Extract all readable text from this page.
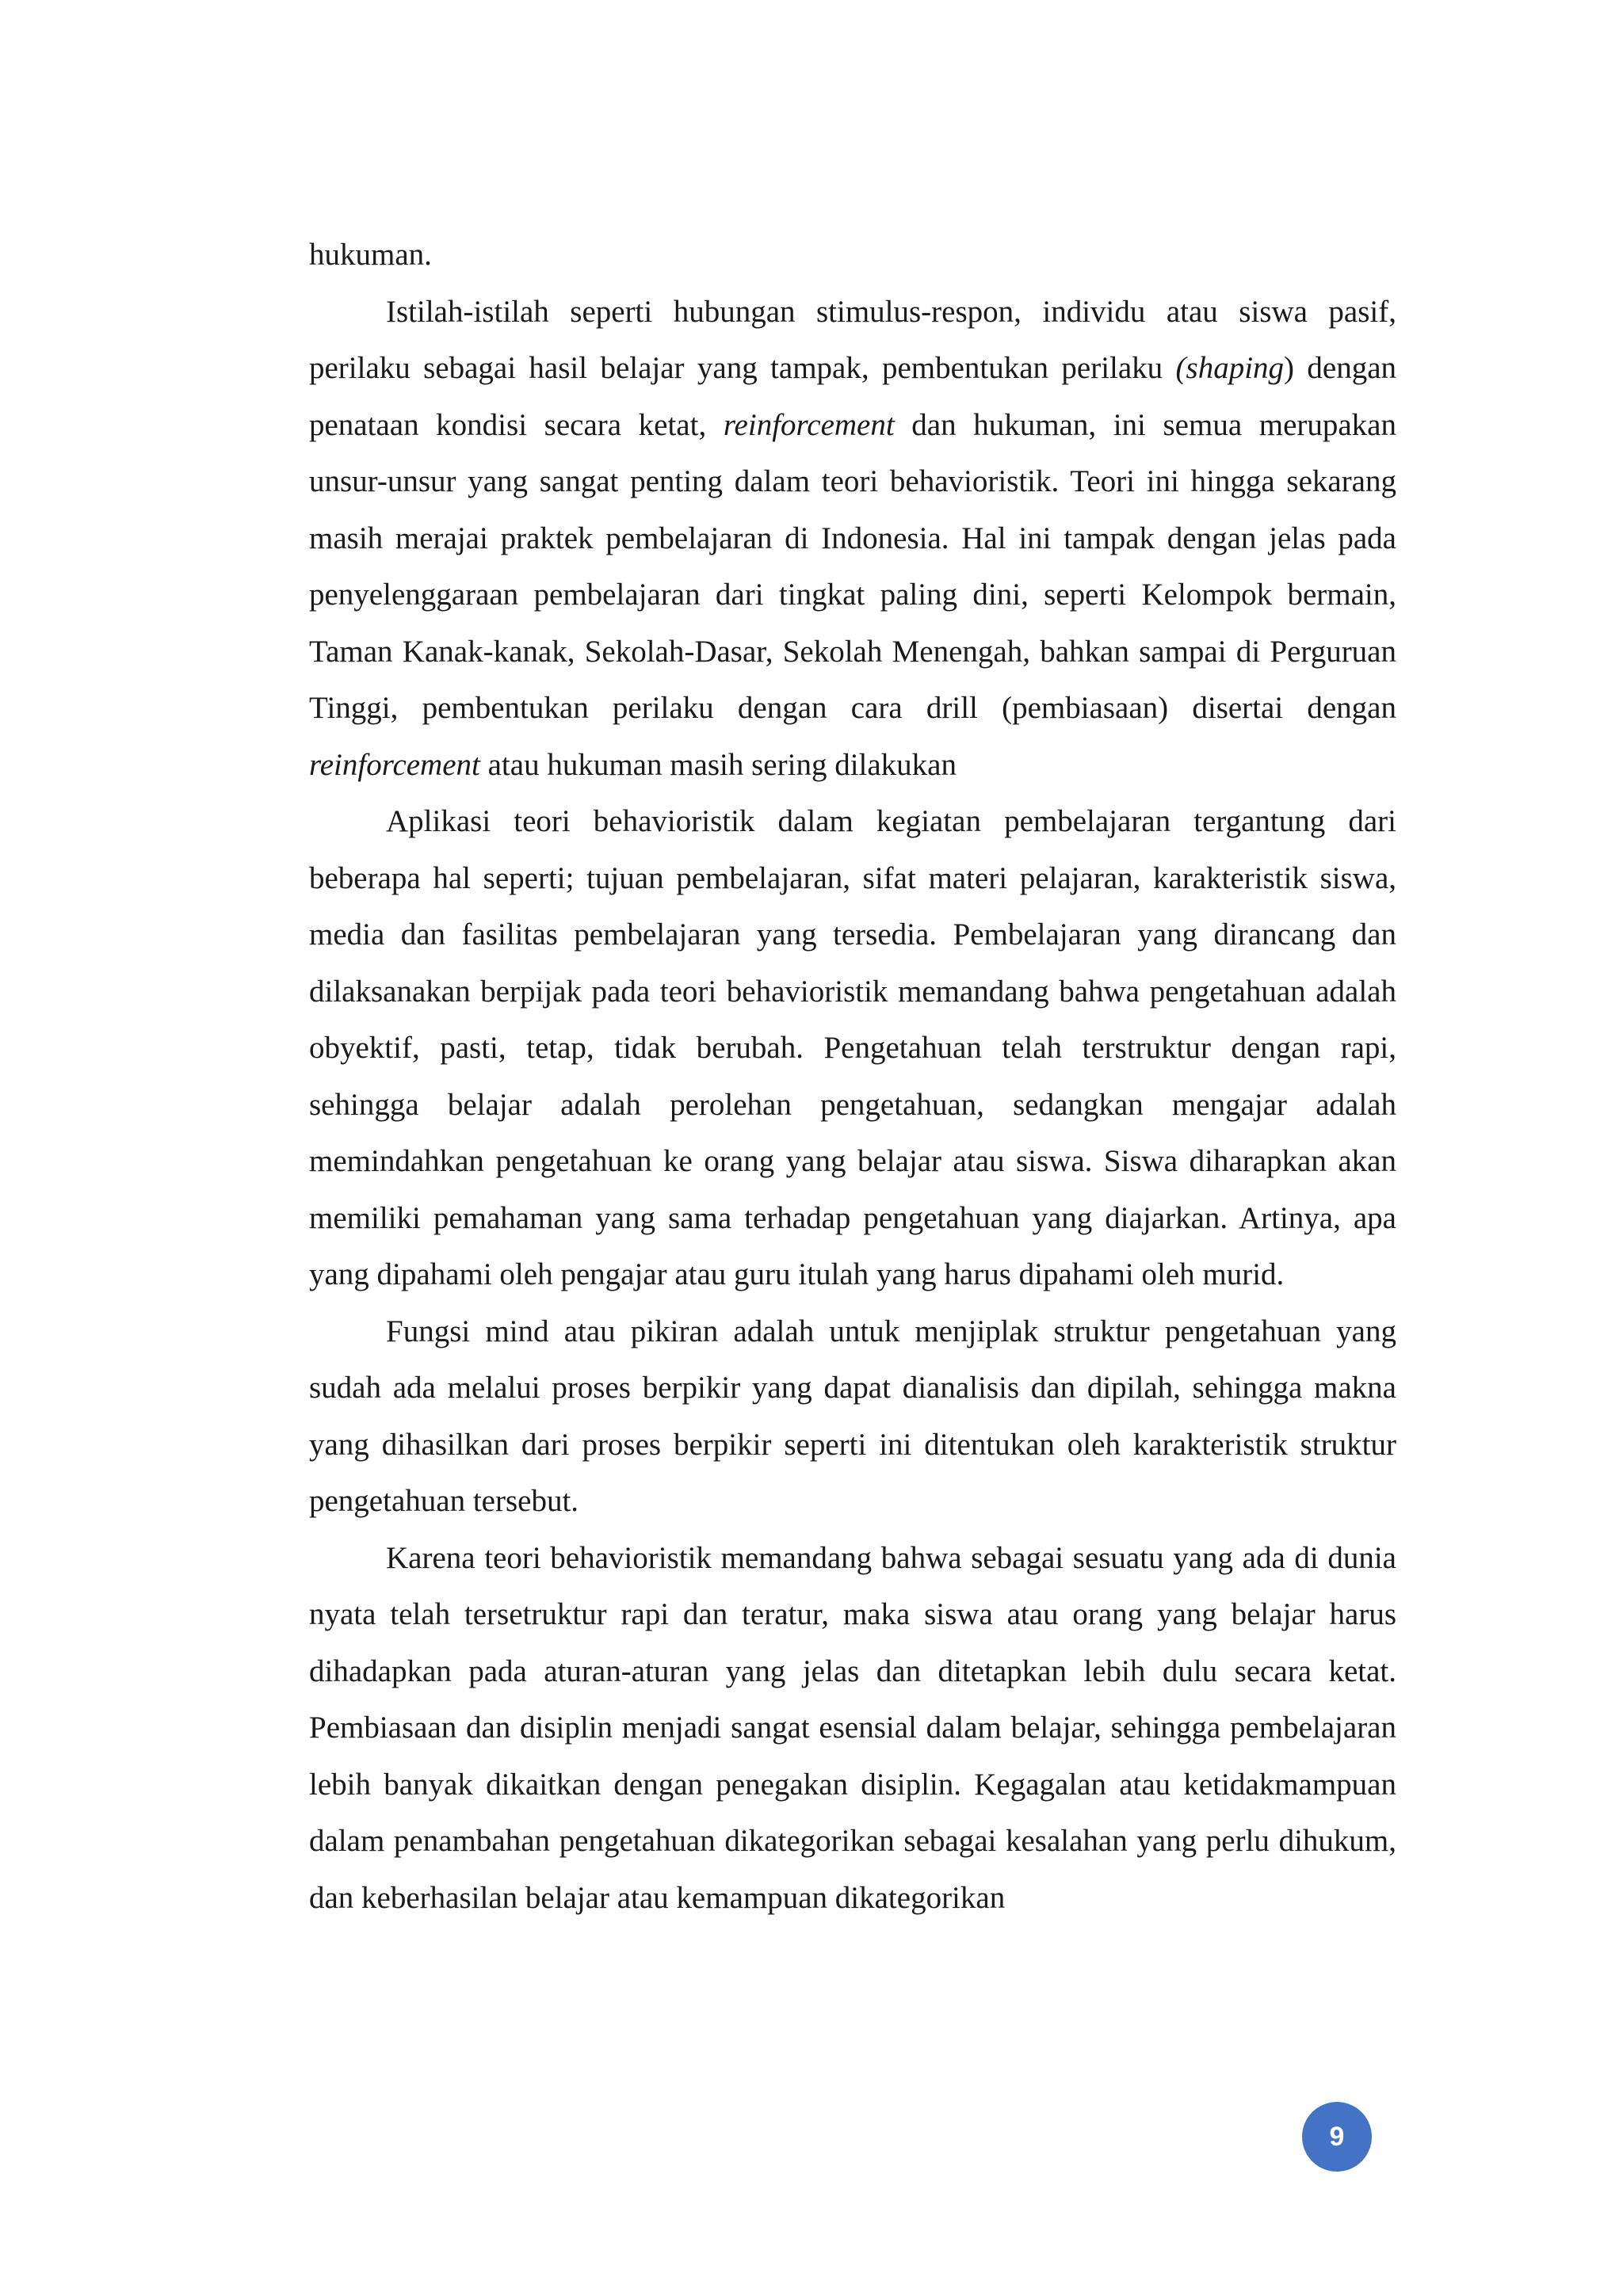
hukuman.

Istilah-istilah seperti hubungan stimulus-respon, individu atau siswa pasif, perilaku sebagai hasil belajar yang tampak, pembentukan perilaku (shaping) dengan penataan kondisi secara ketat, reinforcement dan hukuman, ini semua merupakan unsur-unsur yang sangat penting dalam teori behavioristik. Teori ini hingga sekarang masih merajai praktek pembelajaran di Indonesia. Hal ini tampak dengan jelas pada penyelenggaraan pembelajaran dari tingkat paling dini, seperti Kelompok bermain, Taman Kanak-kanak, Sekolah-Dasar, Sekolah Menengah, bahkan sampai di Perguruan Tinggi, pembentukan perilaku dengan cara drill (pembiasaan) disertai dengan reinforcement atau hukuman masih sering dilakukan

Aplikasi teori behavioristik dalam kegiatan pembelajaran tergantung dari beberapa hal seperti; tujuan pembelajaran, sifat materi pelajaran, karakteristik siswa, media dan fasilitas pembelajaran yang tersedia. Pembelajaran yang dirancang dan dilaksanakan berpijak pada teori behavioristik memandang bahwa pengetahuan adalah obyektif, pasti, tetap, tidak berubah. Pengetahuan telah terstruktur dengan rapi, sehingga belajar adalah perolehan pengetahuan, sedangkan mengajar adalah memindahkan pengetahuan ke orang yang belajar atau siswa. Siswa diharapkan akan memiliki pemahaman yang sama terhadap pengetahuan yang diajarkan. Artinya, apa yang dipahami oleh pengajar atau guru itulah yang harus dipahami oleh murid.

Fungsi mind atau pikiran adalah untuk menjiplak struktur pengetahuan yang sudah ada melalui proses berpikir yang dapat dianalisis dan dipilah, sehingga makna yang dihasilkan dari proses berpikir seperti ini ditentukan oleh karakteristik struktur pengetahuan tersebut.

Karena teori behavioristik memandang bahwa sebagai sesuatu yang ada di dunia nyata telah tersetruktur rapi dan teratur, maka siswa atau orang yang belajar harus dihadapkan pada aturan-aturan yang jelas dan ditetapkan lebih dulu secara ketat. Pembiasaan dan disiplin menjadi sangat esensial dalam belajar, sehingga pembelajaran lebih banyak dikaitkan dengan penegakan disiplin. Kegagalan atau ketidakmampuan dalam penambahan pengetahuan dikategorikan sebagai kesalahan yang perlu dihukum, dan keberhasilan belajar atau kemampuan dikategorikan

9
